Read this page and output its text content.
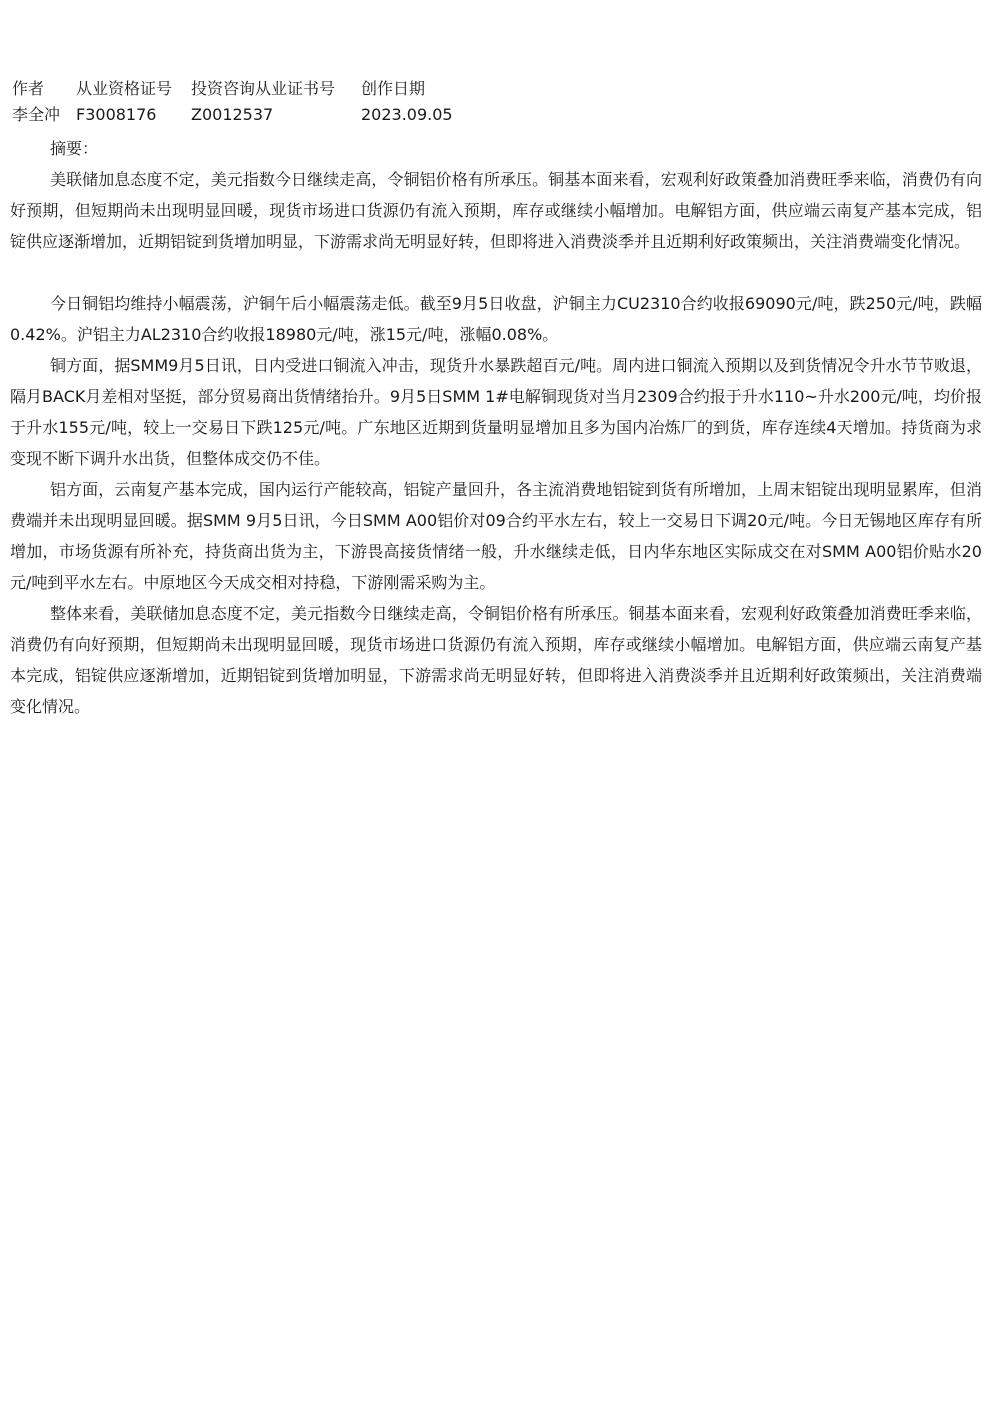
作者	从业资格证号	投资咨询从业证书号	创作日期
李全冲	F3008176	Z0012537	2023.09.05

摘要：

美联储加息态度不定，美元指数今日继续走高，令铜铝价格有所承压。铜基本面来看，宏观利好政策叠加消费旺季来临，消费仍有向好预期，但短期尚未出现明显回暖，现货市场进口货源仍有流入预期，库存或继续小幅增加。电解铝方面，供应端云南复产基本完成，铝锭供应逐渐增加，近期铝锭到货增加明显，下游需求尚无明显好转，但即将进入消费淡季并且近期利好政策频出，关注消费端变化情况。

今日铜铝均维持小幅震荡，沪铜午后小幅震荡走低。截至9月5日收盘，沪铜主力CU2310合约收报69090元/吨，跌250元/吨，跌幅0.42%。沪铝主力AL2310合约收报18980元/吨，涨15元/吨，涨幅0.08%。

铜方面，据SMM9月5日讯，日内受进口铜流入冲击，现货升水暴跌超百元/吨。周内进口铜流入预期以及到货情况令升水节节败退，隔月BACK月差相对坚挺，部分贸易商出货情绪抬升。9月5日SMM 1#电解铜现货对当月2309合约报于升水110~升水200元/吨，均价报于升水155元/吨，较上一交易日下跌125元/吨。广东地区近期到货量明显增加且多为国内冶炼厂的到货，库存连续4天增加。持货商为求变现不断下调升水出货，但整体成交仍不佳。

铝方面，云南复产基本完成，国内运行产能较高，铝锭产量回升，各主流消费地铝锭到货有所增加，上周末铝锭出现明显累库，但消费端并未出现明显回暖。据SMM 9月5日讯，今日SMM A00铝价对09合约平水左右，较上一交易日下调20元/吨。今日无锡地区库存有所增加，市场货源有所补充，持货商出货为主，下游畏高接货情绪一般，升水继续走低，日内华东地区实际成交在对SMM A00铝价贴水20元/吨到平水左右。中原地区今天成交相对持稳，下游刚需采购为主。

整体来看，美联储加息态度不定，美元指数今日继续走高，令铜铝价格有所承压。铜基本面来看，宏观利好政策叠加消费旺季来临，消费仍有向好预期，但短期尚未出现明显回暖，现货市场进口货源仍有流入预期，库存或继续小幅增加。电解铝方面，供应端云南复产基本完成，铝锭供应逐渐增加，近期铝锭到货增加明显，下游需求尚无明显好转，但即将进入消费淡季并且近期利好政策频出，关注消费端变化情况。
